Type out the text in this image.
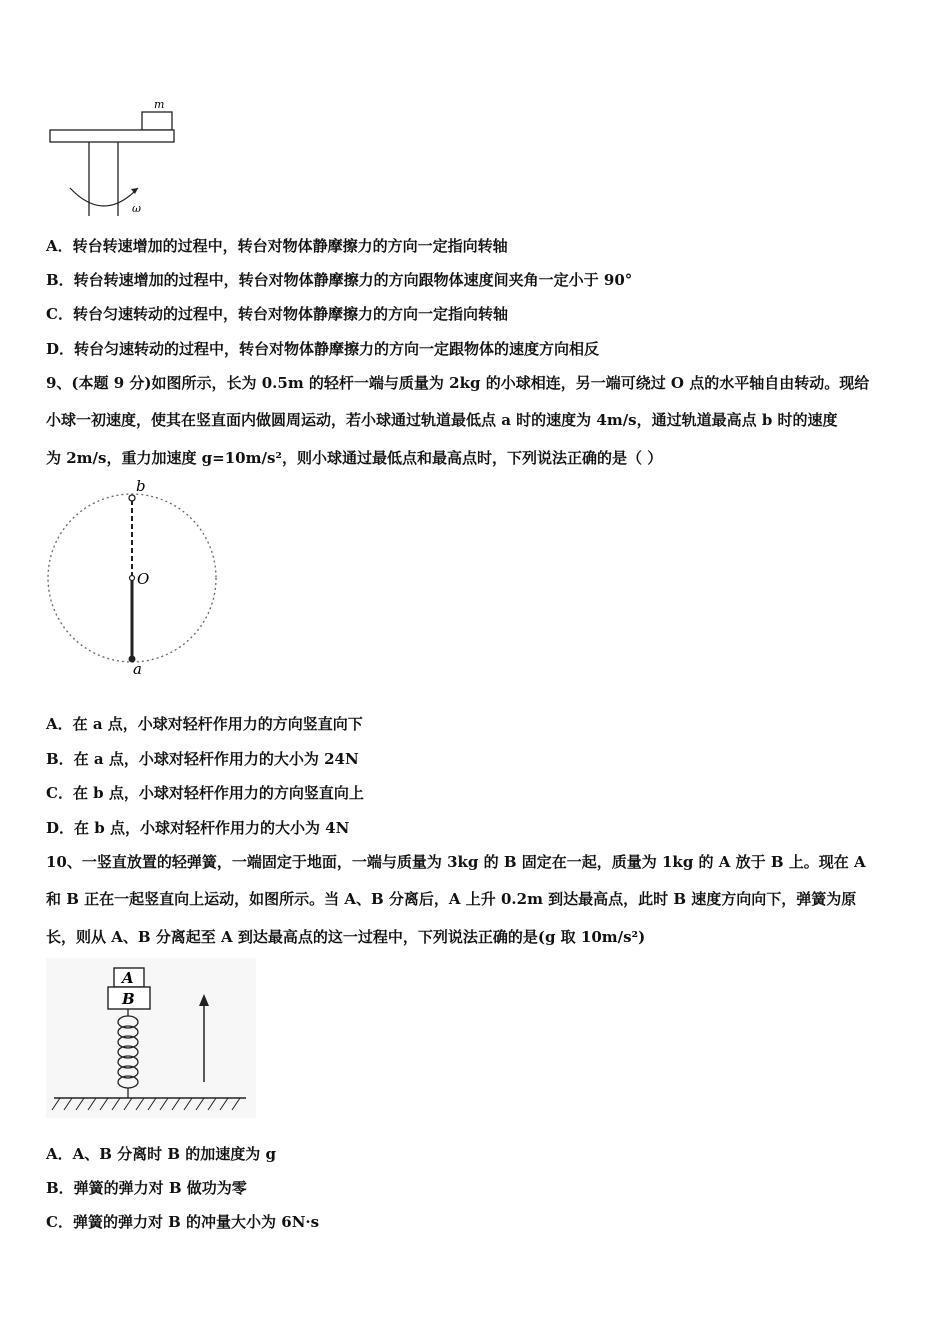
m
ω
A．转台转速增加的过程中，转台对物体静摩擦力的方向一定指向转轴
B．转台转速增加的过程中，转台对物体静摩擦力的方向跟物体速度间夹角一定小于 90°
C．转台匀速转动的过程中，转台对物体静摩擦力的方向一定指向转轴
D．转台匀速转动的过程中，转台对物体静摩擦力的方向一定跟物体的速度方向相反
9、(本题 9 分)如图所示，长为 0.5m 的轻杆一端与质量为 2kg 的小球相连，另一端可绕过 O 点的水平轴自由转动。现给
小球一初速度，使其在竖直面内做圆周运动，若小球通过轨道最低点 a 时的速度为 4m/s，通过轨道最高点 b 时的速度
为 2m/s，重力加速度 g=10m/s²，则小球通过最低点和最高点时，下列说法正确的是（ ）
b
O
a
A．在 a 点，小球对轻杆作用力的方向竖直向下
B．在 a 点，小球对轻杆作用力的大小为 24N
C．在 b 点，小球对轻杆作用力的方向竖直向上
D．在 b 点，小球对轻杆作用力的大小为 4N
10、一竖直放置的轻弹簧，一端固定于地面，一端与质量为 3kg 的 B 固定在一起，质量为 1kg 的 A 放于 B 上。现在 A
和 B 正在一起竖直向上运动，如图所示。当 A、B 分离后，A 上升 0.2m 到达最高点，此时 B 速度方向向下，弹簧为原
长，则从 A、B 分离起至 A 到达最高点的这一过程中，下列说法正确的是(g 取 10m/s²)
A
B
A．A、B 分离时 B 的加速度为 g
B．弹簧的弹力对 B 做功为零
C．弹簧的弹力对 B 的冲量大小为 6N·s
